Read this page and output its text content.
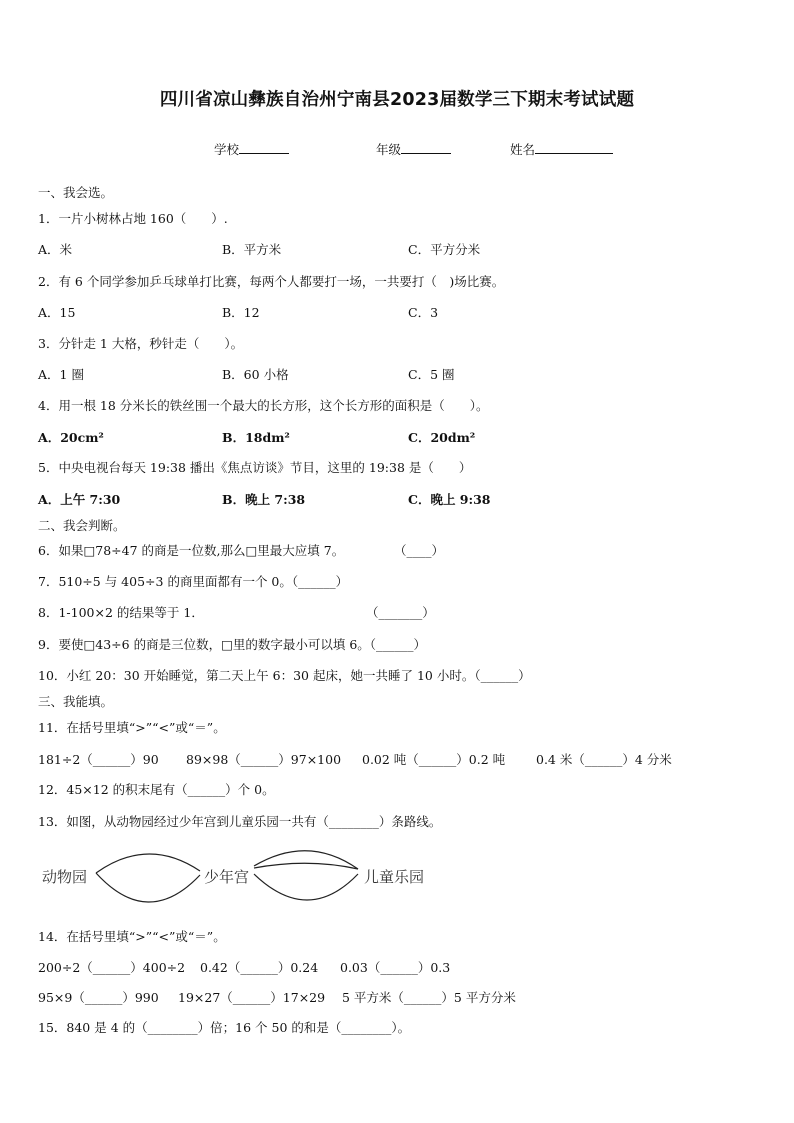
四川省凉山彝族自治州宁南县2023届数学三下期末考试试题
学校	年级	姓名
一、我会选。
1．一片小树林占地 160（　　）.
A．米	B．平方米	C．平方分米
2．有 6 个同学参加乒乓球单打比赛，每两个人都要打一场，一共要打（　)场比赛。
A．15	B．12	C．3
3．分针走 1 大格，秒针走（　　）。
A．1 圈	B．60 小格	C．5 圈
4．用一根 18 分米长的铁丝围一个最大的长方形，这个长方形的面积是（　　）。
A．20cm²	B．18dm²	C．20dm²
5．中央电视台每天 19:38 播出《焦点访谈》节目，这里的 19:38 是（　　）
A．上午 7:30	B．晚上 7:38	C．晚上 9:38
二、我会判断。
6．如果□78÷47 的商是一位数,那么□里最大应填 7。	（____）
7．510÷5 与 405÷3 的商里面都有一个 0。（______）
8．1-100×2 的结果等于 1．	（_______）
9．要使□43÷6 的商是三位数，□里的数字最小可以填 6。（______）
10．小红 20：30 开始睡觉，第二天上午 6：30 起床，她一共睡了 10 小时。（______）
三、我能填。
11．在括号里填“>”“<”或“＝”。
181÷2（______）90 89×98（______）97×100 0.02 吨（______）0.2 吨 0.4 米（______）4 分米
12．45×12 的积末尾有（______）个 0。
13．如图，从动物园经过少年宫到儿童乐园一共有（________）条路线。
动物园	少年宫	儿童乐园
14．在括号里填“>”“<”或“＝”。
200÷2（______）400÷2 0.42（______）0.24 0.03（______）0.3
95×9（______）990 19×27（______）17×29 5 平方米（______）5 平方分米
15．840 是 4 的（________）倍；16 个 50 的和是（________）。
